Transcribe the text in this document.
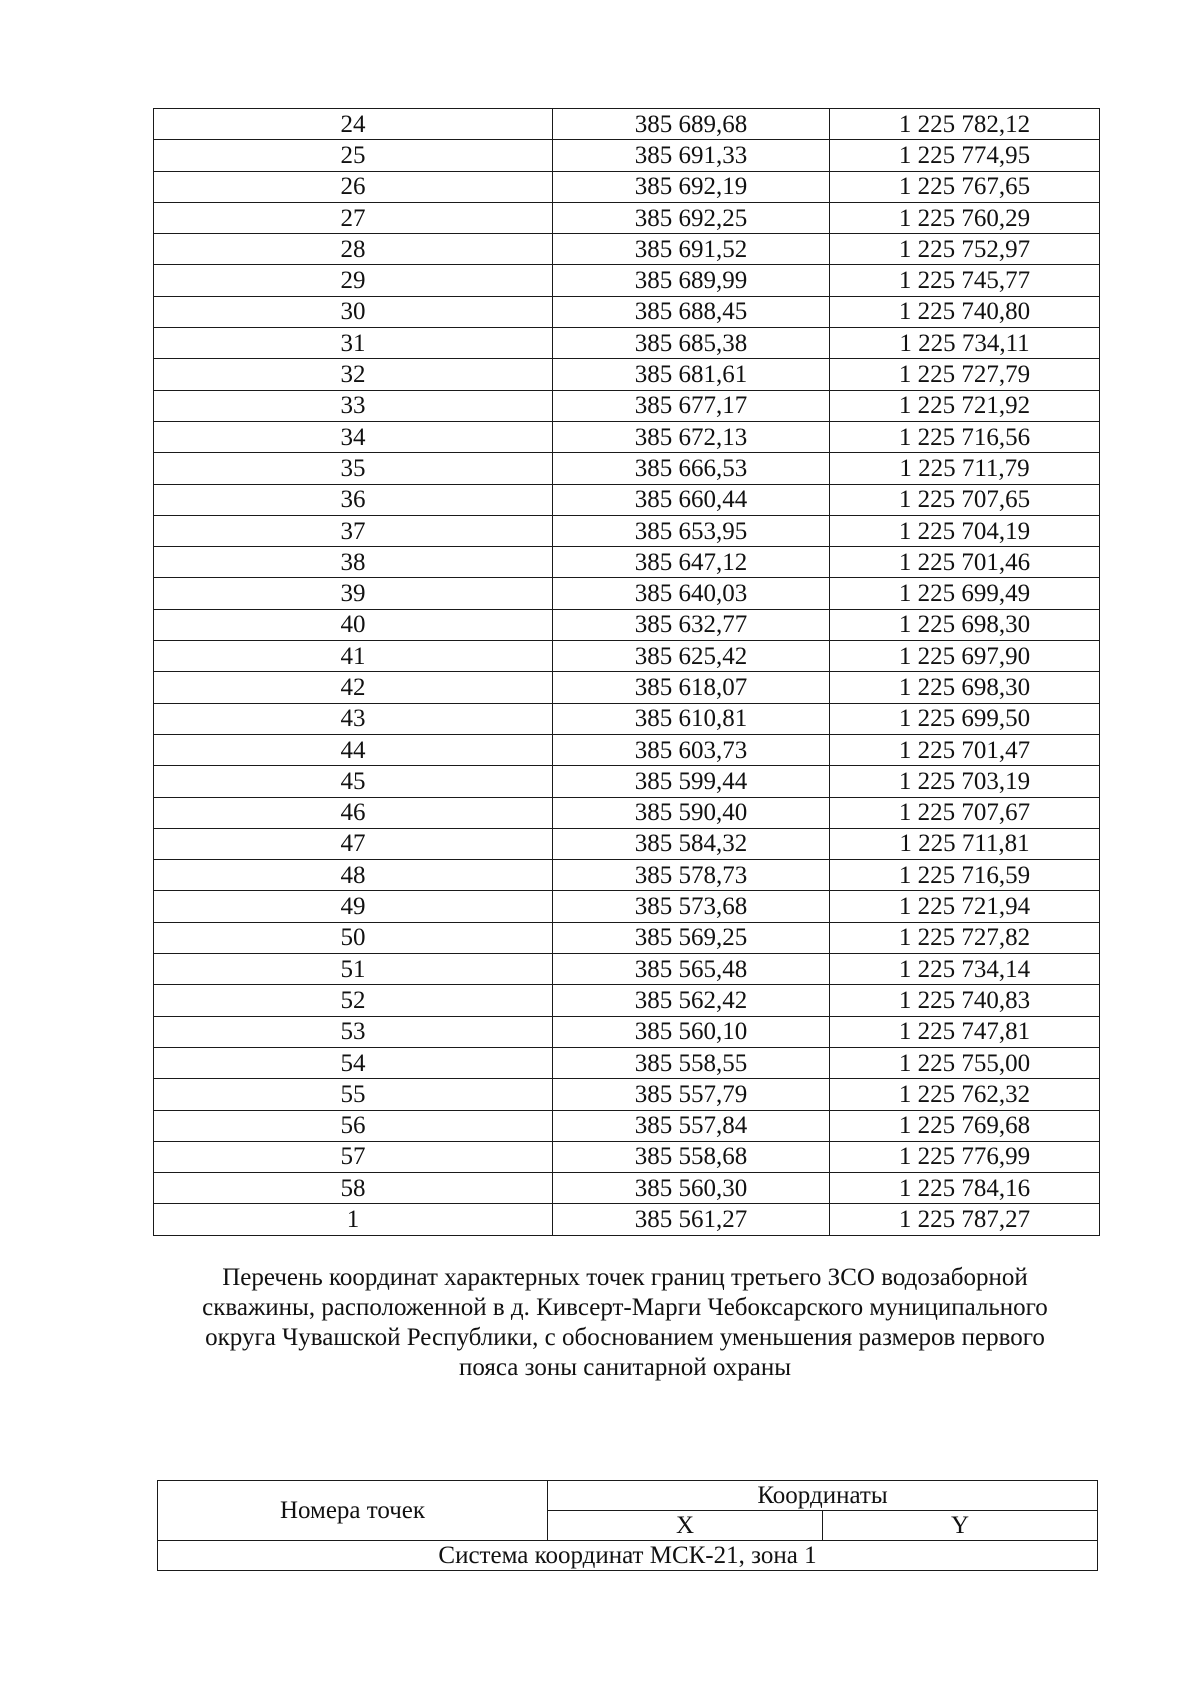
24	385 689,68	1 225 782,12
25	385 691,33	1 225 774,95
26	385 692,19	1 225 767,65
27	385 692,25	1 225 760,29
28	385 691,52	1 225 752,97
29	385 689,99	1 225 745,77
30	385 688,45	1 225 740,80
31	385 685,38	1 225 734,11
32	385 681,61	1 225 727,79
33	385 677,17	1 225 721,92
34	385 672,13	1 225 716,56
35	385 666,53	1 225 711,79
36	385 660,44	1 225 707,65
37	385 653,95	1 225 704,19
38	385 647,12	1 225 701,46
39	385 640,03	1 225 699,49
40	385 632,77	1 225 698,30
41	385 625,42	1 225 697,90
42	385 618,07	1 225 698,30
43	385 610,81	1 225 699,50
44	385 603,73	1 225 701,47
45	385 599,44	1 225 703,19
46	385 590,40	1 225 707,67
47	385 584,32	1 225 711,81
48	385 578,73	1 225 716,59
49	385 573,68	1 225 721,94
50	385 569,25	1 225 727,82
51	385 565,48	1 225 734,14
52	385 562,42	1 225 740,83
53	385 560,10	1 225 747,81
54	385 558,55	1 225 755,00
55	385 557,79	1 225 762,32
56	385 557,84	1 225 769,68
57	385 558,68	1 225 776,99
58	385 560,30	1 225 784,16
1	385 561,27	1 225 787,27
Перечень координат характерных точек границ третьего ЗСО водозаборной
скважины, расположенной в д. Кивсерт-Марги Чебоксарского муниципального
округа Чувашской Республики, с обоснованием уменьшения размеров первого
пояса зоны санитарной охраны
Номера точек	Координаты	
	X	Y
Система координат МСК-21, зона 1		
